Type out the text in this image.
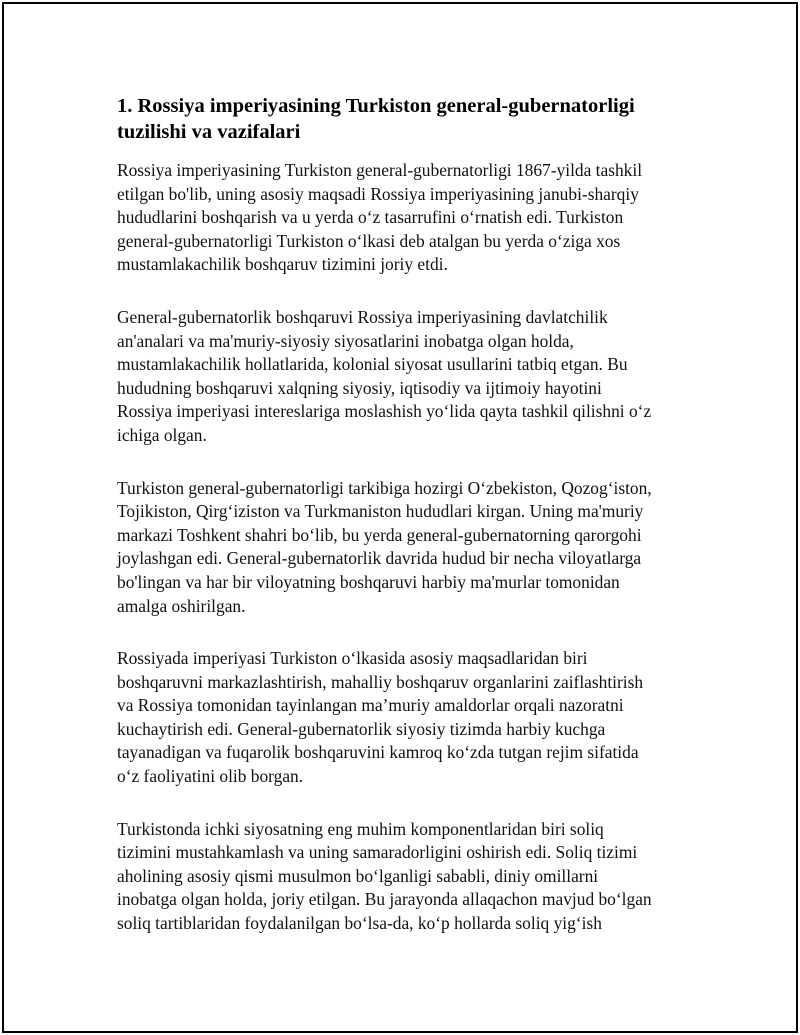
1. Rossiya imperiyasining Turkiston general-gubernatorligi
tuzilishi va vazifalari

Rossiya imperiyasining Turkiston general-gubernatorligi 1867-yilda tashkil
etilgan bo'lib, uning asosiy maqsadi Rossiya imperiyasining janubi-sharqiy
hududlarini boshqarish va u yerda o‘z tasarrufini o‘rnatish edi. Turkiston
general-gubernatorligi Turkiston o‘lkasi deb atalgan bu yerda o‘ziga xos
mustamlakachilik boshqaruv tizimini joriy etdi.

General-gubernatorlik boshqaruvi Rossiya imperiyasining davlatchilik
an'analari va ma'muriy-siyosiy siyosatlarini inobatga olgan holda,
mustamlakachilik hollatlarida, kolonial siyosat usullarini tatbiq etgan. Bu
hududning boshqaruvi xalqning siyosiy, iqtisodiy va ijtimoiy hayotini
Rossiya imperiyasi intereslariga moslashish yo‘lida qayta tashkil qilishni o‘z
ichiga olgan.

Turkiston general-gubernatorligi tarkibiga hozirgi O‘zbekiston, Qozog‘iston,
Tojikiston, Qirg‘iziston va Turkmaniston hududlari kirgan. Uning ma'muriy
markazi Toshkent shahri bo‘lib, bu yerda general-gubernatorning qarorgohi
joylashgan edi. General-gubernatorlik davrida hudud bir necha viloyatlarga
bo'lingan va har bir viloyatning boshqaruvi harbiy ma'murlar tomonidan
amalga oshirilgan.

Rossiyada imperiyasi Turkiston o‘lkasida asosiy maqsadlaridan biri
boshqaruvni markazlashtirish, mahalliy boshqaruv organlarini zaiflashtirish
va Rossiya tomonidan tayinlangan ma’muriy amaldorlar orqali nazoratni
kuchaytirish edi. General-gubernatorlik siyosiy tizimda harbiy kuchga
tayanadigan va fuqarolik boshqaruvini kamroq ko‘zda tutgan rejim sifatida
o‘z faoliyatini olib borgan.

Turkistonda ichki siyosatning eng muhim komponentlaridan biri soliq
tizimini mustahkamlash va uning samaradorligini oshirish edi. Soliq tizimi
aholining asosiy qismi musulmon bo‘lganligi sababli, diniy omillarni
inobatga olgan holda, joriy etilgan. Bu jarayonda allaqachon mavjud bo‘lgan
soliq tartiblaridan foydalanilgan bo‘lsa-da, ko‘p hollarda soliq yig‘ish
